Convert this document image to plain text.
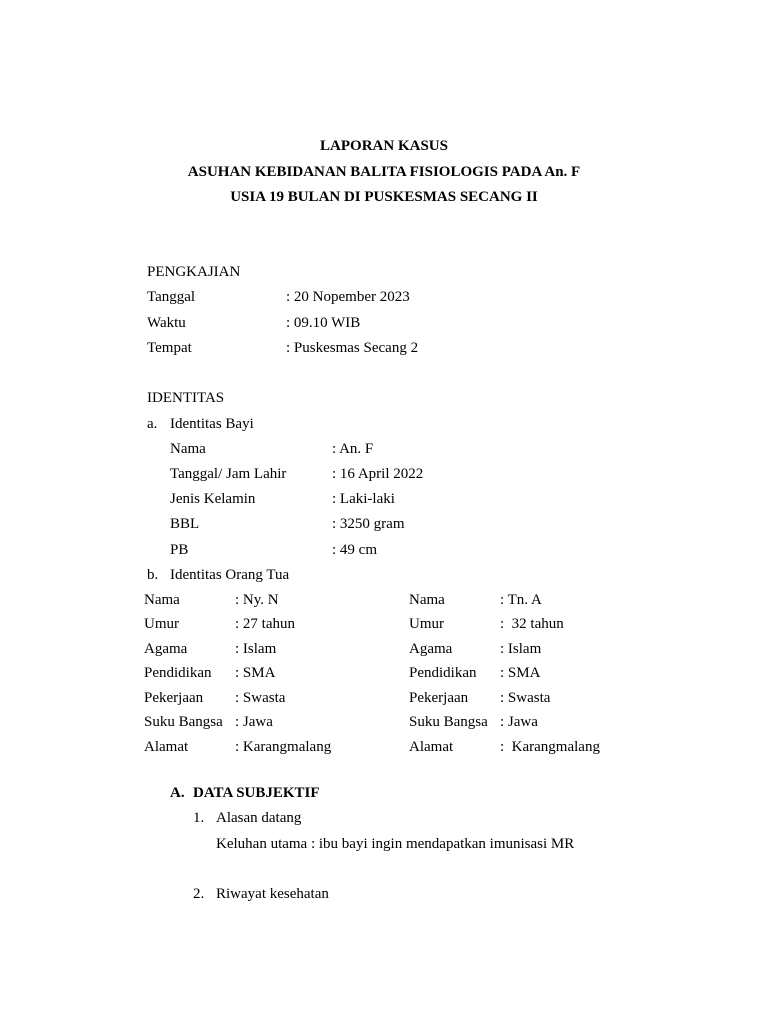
LAPORAN KASUS
ASUHAN KEBIDANAN BALITA FISIOLOGIS PADA An. F
USIA 19 BULAN DI PUSKESMAS SECANG II
PENGKAJIAN
Tanggal	: 20 Nopember 2023
Waktu	: 09.10 WIB
Tempat	: Puskesmas Secang 2
IDENTITAS
a. Identitas Bayi
Nama	: An. F
Tanggal/ Jam Lahir	: 16 April 2022
Jenis Kelamin	: Laki-laki
BBL	: 3250 gram
PB	: 49 cm
b. Identitas Orang Tua
Nama	: Ny. N
Umur	: 27 tahun
Agama	: Islam
Pendidikan : SMA
Pekerjaan : Swasta
Suku Bangsa : Jawa
Alamat	: Karangmalang
Nama	: Tn. A
Umur	:  32 tahun
Agama	: Islam
Pendidikan : SMA
Pekerjaan : Swasta
Suku Bangsa : Jawa
Alamat	:  Karangmalang
A. DATA SUBJEKTIF
1. Alasan datang
Keluhan utama : ibu bayi ingin mendapatkan imunisasi MR
2. Riwayat kesehatan
